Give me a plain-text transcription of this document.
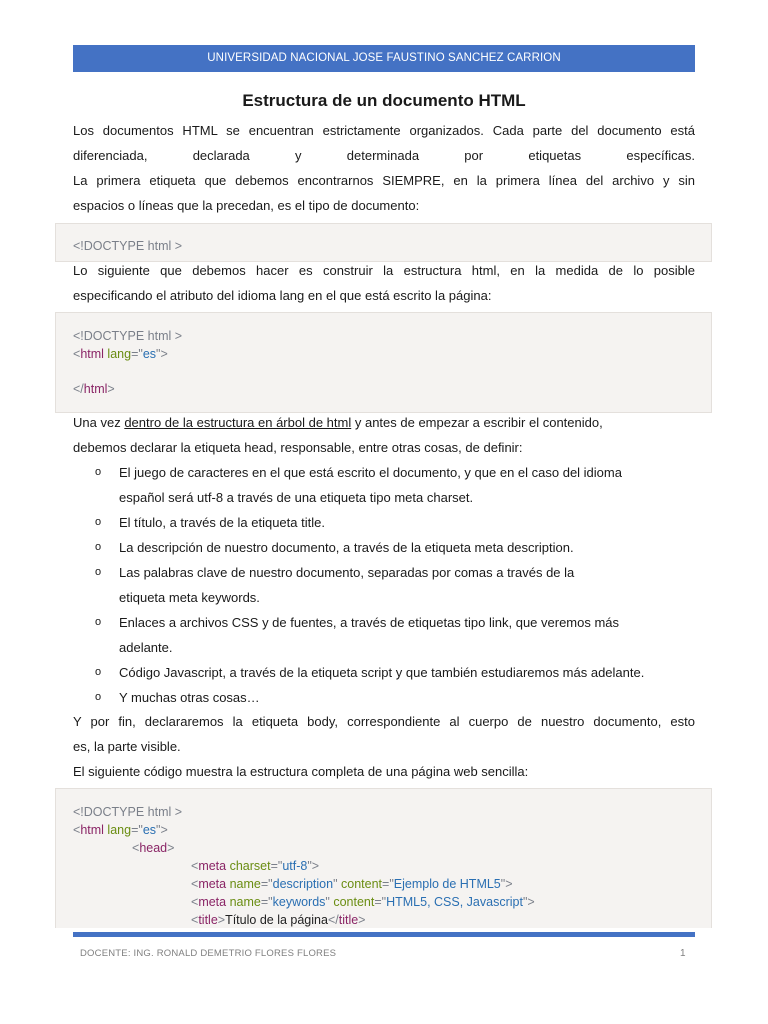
UNIVERSIDAD NACIONAL JOSE FAUSTINO SANCHEZ CARRION
Estructura de un documento HTML
Los documentos HTML se encuentran estrictamente organizados. Cada parte del documento está
diferenciada, declarada y determinada por etiquetas específicas.
La primera etiqueta que debemos encontrarnos SIEMPRE, en la primera línea del archivo y sin
espacios o líneas que la precedan, es el tipo de documento:
<!DOCTYPE html >
Lo siguiente que debemos hacer es construir la estructura html, en la medida de lo posible
especificando el atributo del idioma lang en el que está escrito la página:
<!DOCTYPE html >
<html lang="es">
</html>
Una vez dentro de la estructura en árbol de html y antes de empezar a escribir el contenido,
debemos declarar la etiqueta head, responsable, entre otras cosas, de definir:
o El juego de caracteres en el que está escrito el documento, y que en el caso del idioma
español será utf-8 a través de una etiqueta tipo meta charset.
o El título, a través de la etiqueta title.
o La descripción de nuestro documento, a través de la etiqueta meta description.
o Las palabras clave de nuestro documento, separadas por comas a través de la
etiqueta meta keywords.
o Enlaces a archivos CSS y de fuentes, a través de etiquetas tipo link, que veremos más
adelante.
o Código Javascript, a través de la etiqueta script y que también estudiaremos más adelante.
o Y muchas otras cosas…
Y por fin, declararemos la etiqueta body, correspondiente al cuerpo de nuestro documento, esto
es, la parte visible.
El siguiente código muestra la estructura completa de una página web sencilla:
<!DOCTYPE html >
<html lang="es">
<head>
<meta charset="utf-8">
<meta name="description" content="Ejemplo de HTML5">
<meta name="keywords" content="HTML5, CSS, Javascript">
<title>Título de la página</title>
DOCENTE: ING. RONALD DEMETRIO FLORES FLORES	1
